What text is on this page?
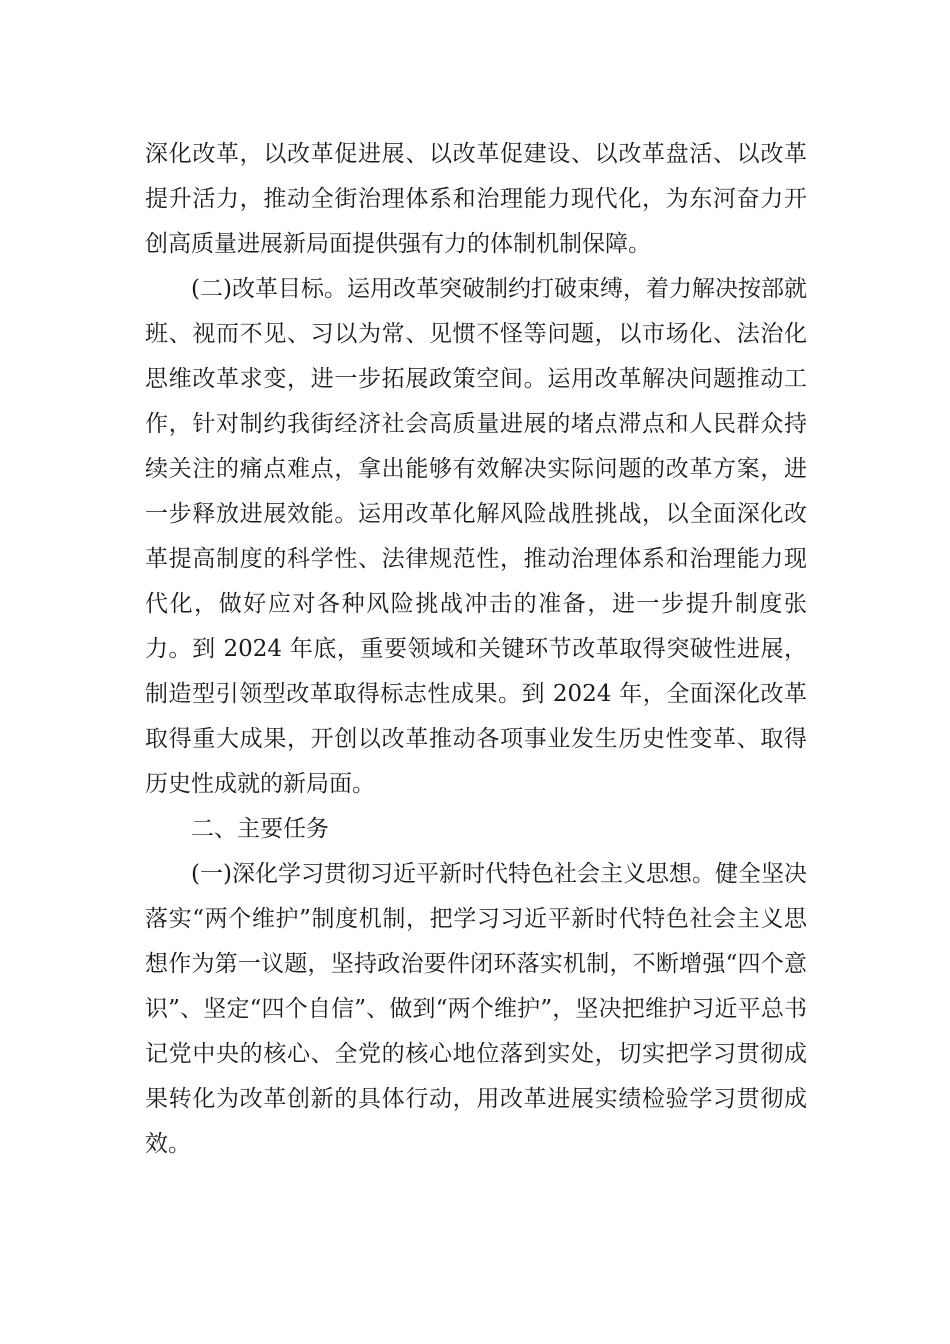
深化改革，以改革促进展、以改革促建设、以改革盘活、以改革提升活力，推动全街治理体系和治理能力现代化，为东河奋力开创高质量进展新局面提供强有力的体制机制保障。

(二)改革目标。运用改革突破制约打破束缚，着力解决按部就班、视而不见、习以为常、见惯不怪等问题，以市场化、法治化思维改革求变，进一步拓展政策空间。运用改革解决问题推动工作，针对制约我街经济社会高质量进展的堵点滞点和人民群众持续关注的痛点难点，拿出能够有效解决实际问题的改革方案，进一步释放进展效能。运用改革化解风险战胜挑战，以全面深化改革提高制度的科学性、法律规范性，推动治理体系和治理能力现代化，做好应对各种风险挑战冲击的准备，进一步提升制度张力。到 2024 年底，重要领域和关键环节改革取得突破性进展，制造型引领型改革取得标志性成果。到 2024 年，全面深化改革取得重大成果，开创以改革推动各项事业发生历史性变革、取得历史性成就的新局面。

二、主要任务

(一)深化学习贯彻习近平新时代特色社会主义思想。健全坚决落实“两个维护”制度机制，把学习习近平新时代特色社会主义思想作为第一议题，坚持政治要件闭环落实机制，不断增强“四个意识”、坚定“四个自信”、做到“两个维护”，坚决把维护习近平总书记党中央的核心、全党的核心地位落到实处，切实把学习贯彻成果转化为改革创新的具体行动，用改革进展实绩检验学习贯彻成效。
